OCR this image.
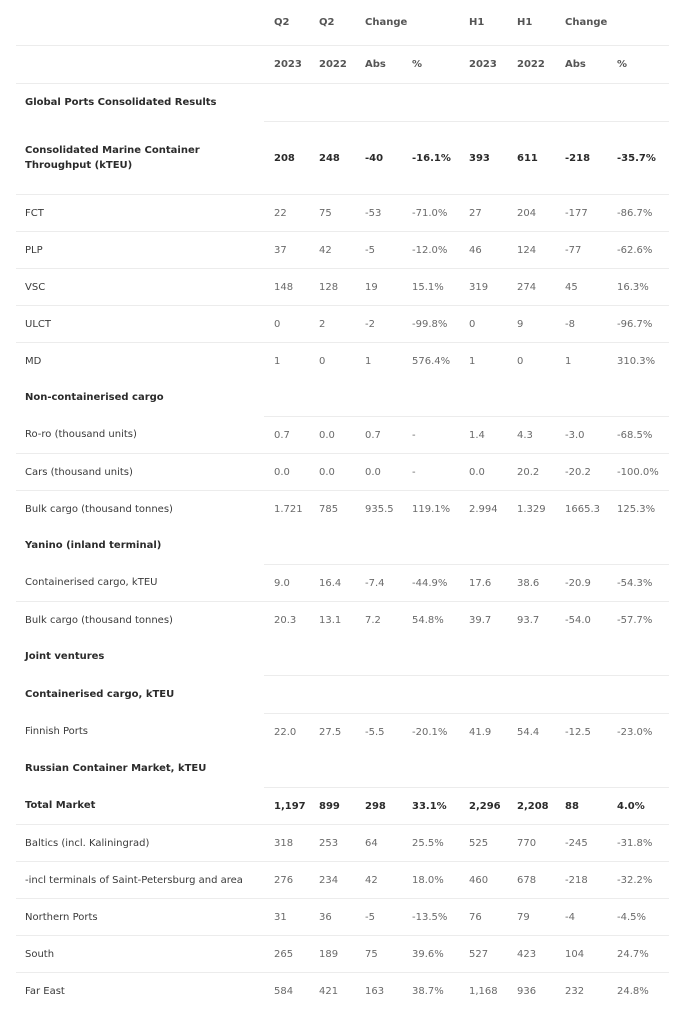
	Q2	Q2	Change		H1	H1	Change	
	2023	2022	Abs	%	2023	2022	Abs	%
Global Ports Consolidated Results								
Consolidated Marine Container Throughput (kTEU)	208	248	-40	-16.1%	393	611	-218	-35.7%
FCT	22	75	-53	-71.0%	27	204	-177	-86.7%
PLP	37	42	-5	-12.0%	46	124	-77	-62.6%
VSC	148	128	19	15.1%	319	274	45	16.3%
ULCT	0	2	-2	-99.8%	0	9	-8	-96.7%
MD	1	0	1	576.4%	1	0	1	310.3%
Non-containerised cargo								
Ro-ro (thousand units)	0.7	0.0	0.7	-	1.4	4.3	-3.0	-68.5%
Cars (thousand units)	0.0	0.0	0.0	-	0.0	20.2	-20.2	-100.0%
Bulk cargo (thousand tonnes)	1.721	785	935.5	119.1%	2.994	1.329	1665.3	125.3%
Yanino (inland terminal)								
Containerised cargo, kTEU	9.0	16.4	-7.4	-44.9%	17.6	38.6	-20.9	-54.3%
Bulk cargo (thousand tonnes)	20.3	13.1	7.2	54.8%	39.7	93.7	-54.0	-57.7%
Joint ventures								
Containerised cargo, kTEU								
Finnish Ports	22.0	27.5	-5.5	-20.1%	41.9	54.4	-12.5	-23.0%
Russian Container Market, kTEU								
Total Market	1,197	899	298	33.1%	2,296	2,208	88	4.0%
Baltics (incl. Kaliningrad)	318	253	64	25.5%	525	770	-245	-31.8%
-incl terminals of Saint-Petersburg and area	276	234	42	18.0%	460	678	-218	-32.2%
Northern Ports	31	36	-5	-13.5%	76	79	-4	-4.5%
South	265	189	75	39.6%	527	423	104	24.7%
Far East	584	421	163	38.7%	1,168	936	232	24.8%
